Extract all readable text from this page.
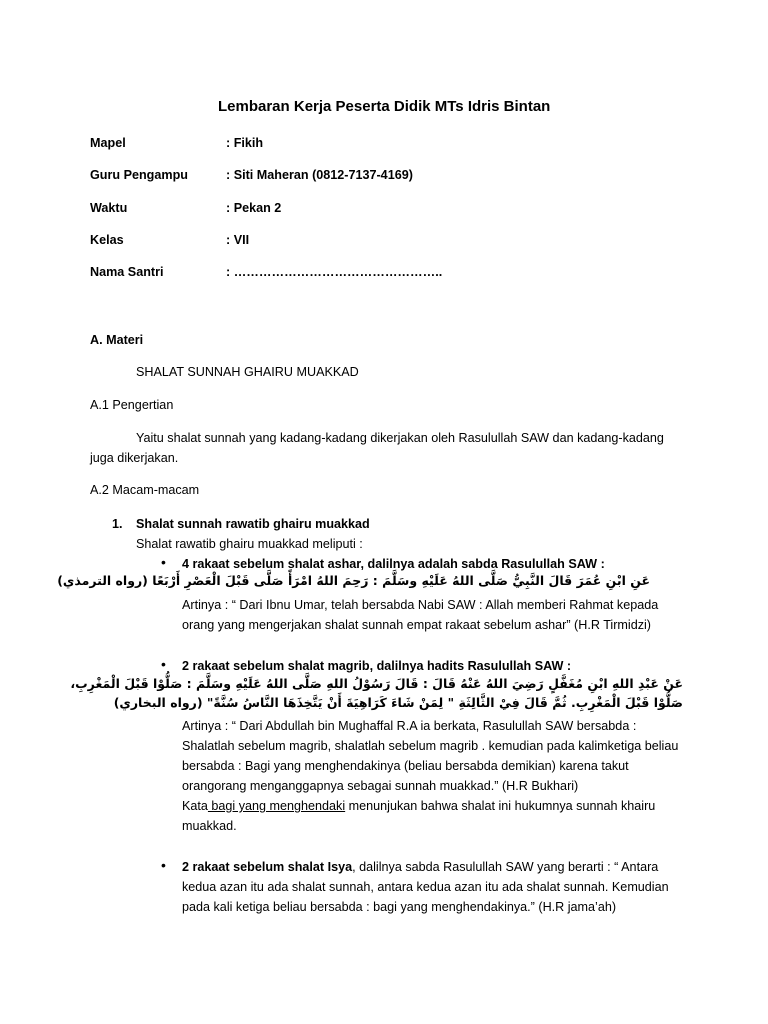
Lembaran Kerja Peserta Didik MTs Idris Bintan
Mapel	: Fikih
Guru Pengampu	: Siti Maheran (0812-7137-4169)
Waktu	: Pekan 2
Kelas	: VII
Nama Santri	: …………………………………………..
A. Materi
SHALAT SUNNAH GHAIRU MUAKKAD
A.1 Pengertian
Yaitu shalat sunnah yang kadang-kadang dikerjakan oleh Rasulullah SAW dan kadang-kadang
juga dikerjakan.
A.2 Macam-macam
1. Shalat sunnah rawatib ghairu muakkad
Shalat rawatib ghairu muakkad meliputi :
• 4 rakaat sebelum shalat ashar, dalilnya adalah sabda Rasulullah SAW :
عَنِ ابْنِ عُمَرَ قَالَ النَّبِيُّ صَلَّى اللهُ عَلَيْهِ وسَلَّمَ : رَحِمَ اللهُ امْرَأً صَلَّى قَبْلَ الْعَصْرِ أَرْبَعًا (رواه الترمذي)
Artinya : “ Dari Ibnu Umar, telah bersabda Nabi SAW : Allah memberi Rahmat kepada
orang yang mengerjakan shalat sunnah empat rakaat sebelum ashar” (H.R Tirmidzi)
• 2 rakaat sebelum shalat magrib, dalilnya hadits Rasulullah SAW :
عَنْ عَبْدِ اللهِ ابْنِ مُغَفَّلٍ رَضِيَ اللهُ عَنْهُ قَالَ : قَالَ رَسُوْلُ اللهِ صَلَّى اللهُ عَلَيْهِ وسَلَّمَ : صَلُّوْا قَبْلَ الْمَغْرِبِ،
صَلُّوْا قَبْلَ الْمَغْرِبِ. ثُمَّ قَالَ فِيْ الثَّالِثَةِ " لِمَنْ شَاءَ كَرَاهِيَةَ أَنْ يَتَّخِذَهَا النَّاسُ سُنَّةً" (رواه البخاري)
Artinya : “ Dari Abdullah bin Mughaffal R.A ia berkata, Rasulullah SAW bersabda :
Shalatlah sebelum magrib, shalatlah sebelum magrib . kemudian pada kalimketiga beliau
bersabda : Bagi yang menghendakinya (beliau bersabda demikian) karena takut
orangorang menganggapnya sebagai sunnah muakkad.” (H.R Bukhari)
Kata bagi yang menghendaki menunjukan bahwa shalat ini hukumnya sunnah khairu
muakkad.
• 2 rakaat sebelum shalat Isya, dalilnya sabda Rasulullah SAW yang berarti : “ Antara
kedua azan itu ada shalat sunnah, antara kedua azan itu ada shalat sunnah. Kemudian
pada kali ketiga beliau bersabda : bagi yang menghendakinya.” (H.R jama’ah)
